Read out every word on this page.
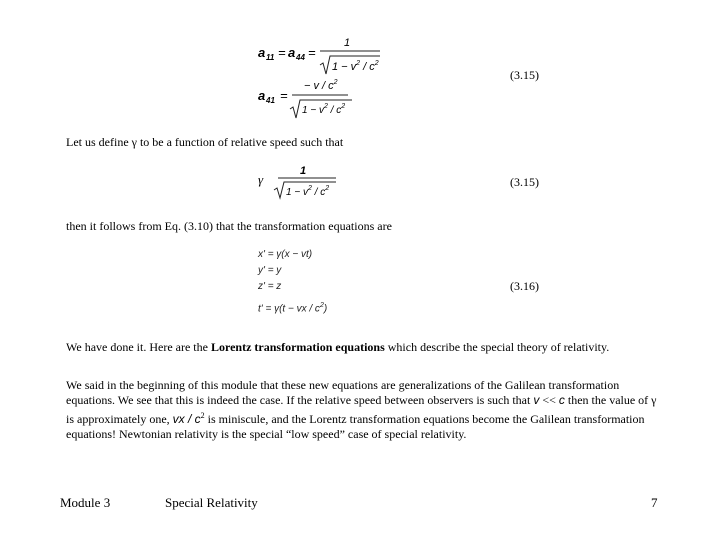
a 11 = a 44 =
1
$1 - v^2 / c^2$
(3.15)
a 41 =
− v / $c^2$
$1 - v^2 / c^2$
Let us define γ to be a function of relative speed such that
γ
1
$1 - v^2 / c^2$	(3.15)
then it follows from Eq. (3.10) that the transformation equations are
x' = γ(x − vt)
y' = y
z' = z
t' = γ(t − vx / $c^2$)
(3.16)
We have done it. Here are the Lorentz transformation equations which describe the special theory of relativity.
We said in the beginning of this module that these new equations are generalizations of the Galilean transformation
equations. We see that this is indeed the case. If the relative speed between observers is such that v << c then the value of γ
is approximately one, vx / $c^2$ is miniscule, and the Lorentz transformation equations become the Galilean transformation
equations! Newtonian relativity is the special “low speed” case of special relativity.
Module 3	Special Relativity	7
